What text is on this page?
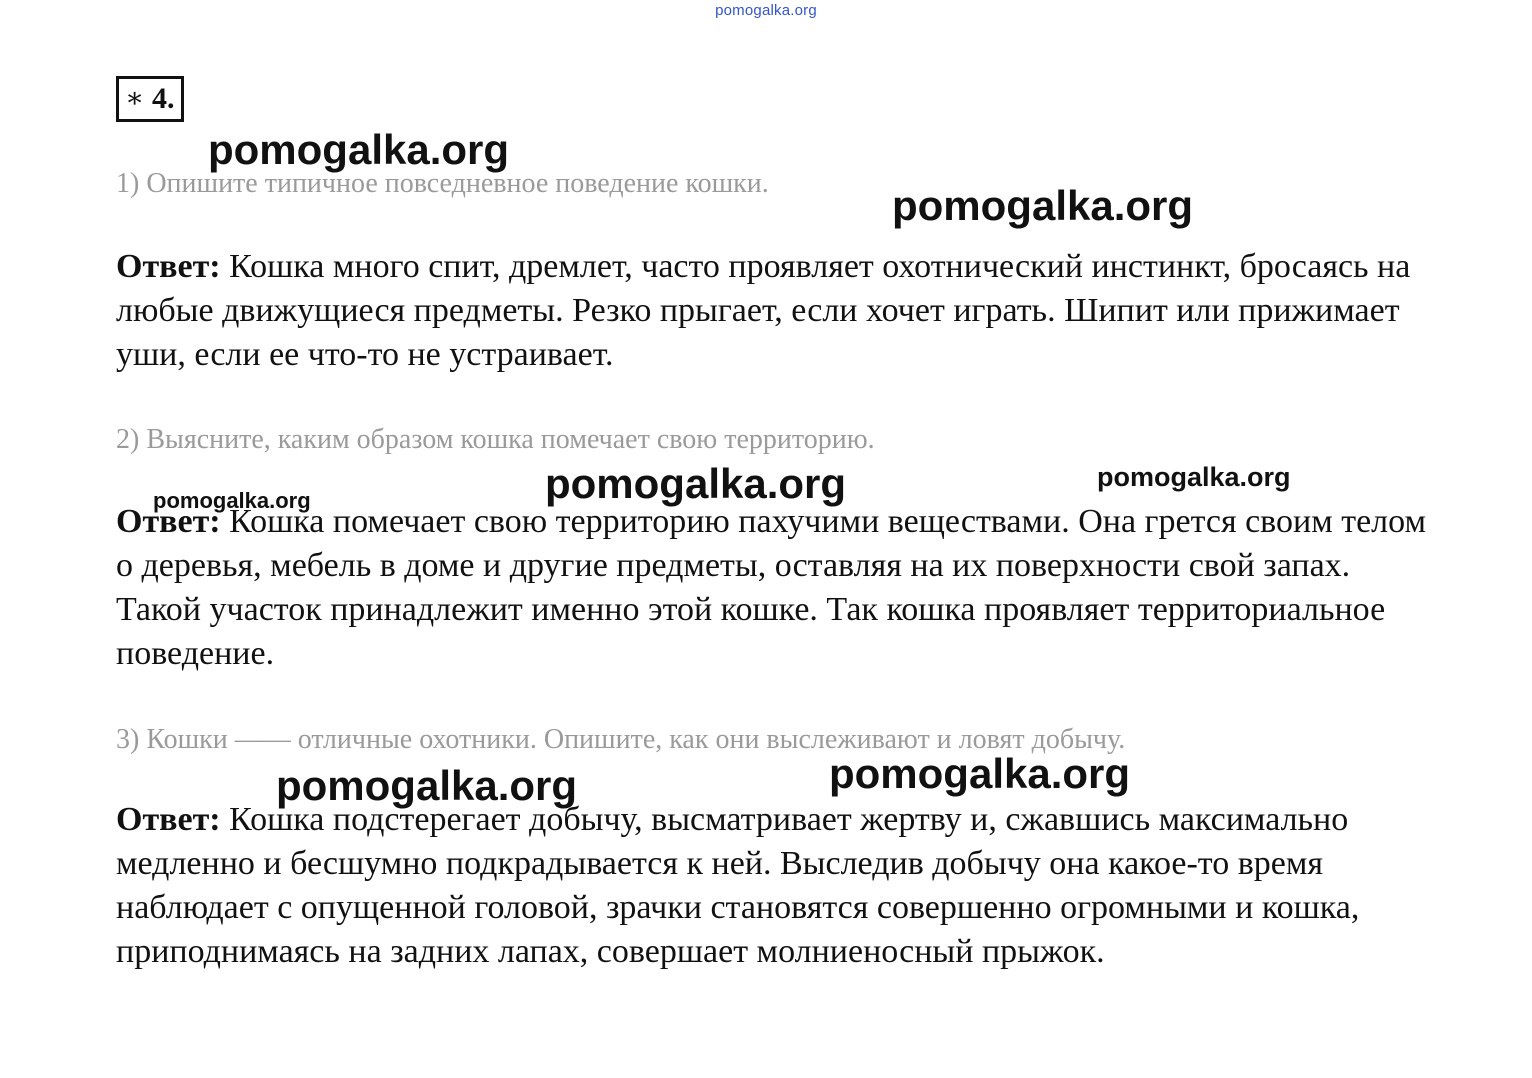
pomogalka.org
∗ 4.
pomogalka.org
1) Опишите типичное повседневное поведение кошки.	pomogalka.org
Ответ: Кошка много спит, дремлет, часто проявляет охотнический инстинкт, бросаясь на любые движущиеся предметы. Резко прыгает, если хочет играть. Шипит или прижимает уши, если ее что-то не устраивает.
2) Выясните, каким образом кошка помечает свою территорию.
pomogalka.org	pomogalka.org
pomogalka.org
Ответ: Кошка помечает свою территорию пахучими веществами. Она грется своим телом о деревья, мебель в доме и другие предметы, оставляя на их поверхности свой запах. Такой участок принадлежит именно этой кошке. Так кошка проявляет территориальное поведение.
3) Кошки —— отличные охотники. Опишите, как они выслеживают и ловят добычу.
pomogalka.org	pomogalka.org
Ответ: Кошка подстерегает добычу, высматривает жертву и, сжавшись максимально медленно и бесшумно подкрадывается к ней. Выследив добычу она какое-то время наблюдает с опущенной головой, зрачки становятся совершенно огромными и кошка, приподнимаясь на задних лапах, совершает молниеносный прыжок.
